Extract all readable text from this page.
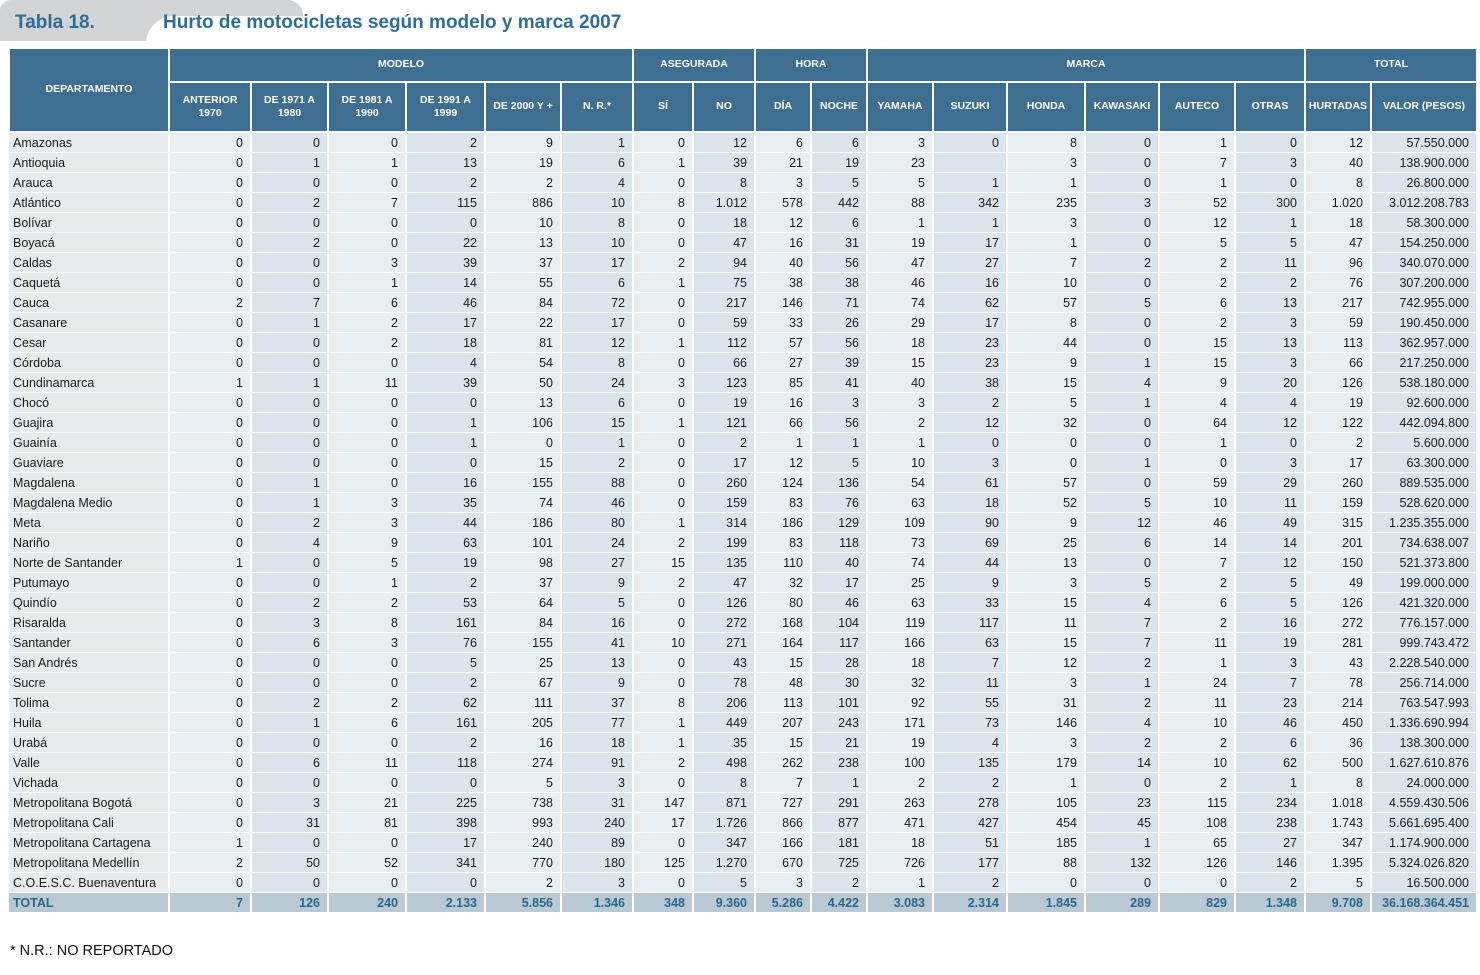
Tabla 18.	Hurto de motocicletas según modelo y marca 2007
DEPARTAMENTO	MODELO						ASEGURADA		HORA		MARCA						TOTAL	
	ANTERIOR 1970	DE 1971 A 1980	DE 1981 A 1990	DE 1991 A 1999	DE 2000 Y +	N. R.*	SÍ	NO	DÍA	NOCHE	YAMAHA	SUZUKI	HONDA	KAWASAKI	AUTECO	OTRAS	HURTADAS	VALOR (PESOS)
Amazonas	0	0	0	2	9	1	0	12	6	6	3	0	8	0	1	0	12	57.550.000
Antioquia	0	1	1	13	19	6	1	39	21	19	23		3	0	7	3	40	138.900.000
Arauca	0	0	0	2	2	4	0	8	3	5	5	1	1	0	1	0	8	26.800.000
Atlántico	0	2	7	115	886	10	8	1.012	578	442	88	342	235	3	52	300	1.020	3.012.208.783
Bolívar	0	0	0	0	10	8	0	18	12	6	1	1	3	0	12	1	18	58.300.000
Boyacá	0	2	0	22	13	10	0	47	16	31	19	17	1	0	5	5	47	154.250.000
Caldas	0	0	3	39	37	17	2	94	40	56	47	27	7	2	2	11	96	340.070.000
Caquetá	0	0	1	14	55	6	1	75	38	38	46	16	10	0	2	2	76	307.200.000
Cauca	2	7	6	46	84	72	0	217	146	71	74	62	57	5	6	13	217	742.955.000
Casanare	0	1	2	17	22	17	0	59	33	26	29	17	8	0	2	3	59	190.450.000
Cesar	0	0	2	18	81	12	1	112	57	56	18	23	44	0	15	13	113	362.957.000
Córdoba	0	0	0	4	54	8	0	66	27	39	15	23	9	1	15	3	66	217.250.000
Cundinamarca	1	1	11	39	50	24	3	123	85	41	40	38	15	4	9	20	126	538.180.000
Chocó	0	0	0	0	13	6	0	19	16	3	3	2	5	1	4	4	19	92.600.000
Guajira	0	0	0	1	106	15	1	121	66	56	2	12	32	0	64	12	122	442.094.800
Guainía	0	0	0	1	0	1	0	2	1	1	1	0	0	0	1	0	2	5.600.000
Guaviare	0	0	0	0	15	2	0	17	12	5	10	3	0	1	0	3	17	63.300.000
Magdalena	0	1	0	16	155	88	0	260	124	136	54	61	57	0	59	29	260	889.535.000
Magdalena Medio	0	1	3	35	74	46	0	159	83	76	63	18	52	5	10	11	159	528.620.000
Meta	0	2	3	44	186	80	1	314	186	129	109	90	9	12	46	49	315	1.235.355.000
Nariño	0	4	9	63	101	24	2	199	83	118	73	69	25	6	14	14	201	734.638.007
Norte de Santander	1	0	5	19	98	27	15	135	110	40	74	44	13	0	7	12	150	521.373.800
Putumayo	0	0	1	2	37	9	2	47	32	17	25	9	3	5	2	5	49	199.000.000
Quindío	0	2	2	53	64	5	0	126	80	46	63	33	15	4	6	5	126	421.320.000
Risaralda	0	3	8	161	84	16	0	272	168	104	119	117	11	7	2	16	272	776.157.000
Santander	0	6	3	76	155	41	10	271	164	117	166	63	15	7	11	19	281	999.743.472
San Andrés	0	0	0	5	25	13	0	43	15	28	18	7	12	2	1	3	43	2.228.540.000
Sucre	0	0	0	2	67	9	0	78	48	30	32	11	3	1	24	7	78	256.714.000
Tolima	0	2	2	62	111	37	8	206	113	101	92	55	31	2	11	23	214	763.547.993
Huila	0	1	6	161	205	77	1	449	207	243	171	73	146	4	10	46	450	1.336.690.994
Urabá	0	0	0	2	16	18	1	35	15	21	19	4	3	2	2	6	36	138.300.000
Valle	0	6	11	118	274	91	2	498	262	238	100	135	179	14	10	62	500	1.627.610.876
Vichada	0	0	0	0	5	3	0	8	7	1	2	2	1	0	2	1	8	24.000.000
Metropolitana Bogotá	0	3	21	225	738	31	147	871	727	291	263	278	105	23	115	234	1.018	4.559.430.506
Metropolitana Cali	0	31	81	398	993	240	17	1.726	866	877	471	427	454	45	108	238	1.743	5.661.695.400
Metropolitana Cartagena	1	0	0	17	240	89	0	347	166	181	18	51	185	1	65	27	347	1.174.900.000
Metropolitana Medellín	2	50	52	341	770	180	125	1.270	670	725	726	177	88	132	126	146	1.395	5.324.026.820
C.O.E.S.C. Buenaventura	0	0	0	0	2	3	0	5	3	2	1	2	0	0	0	2	5	16.500.000
TOTAL	7	126	240	2.133	5.856	1.346	348	9.360	5.286	4.422	3.083	2.314	1.845	289	829	1.348	9.708	36.168.364.451
* N.R.: NO REPORTADO
